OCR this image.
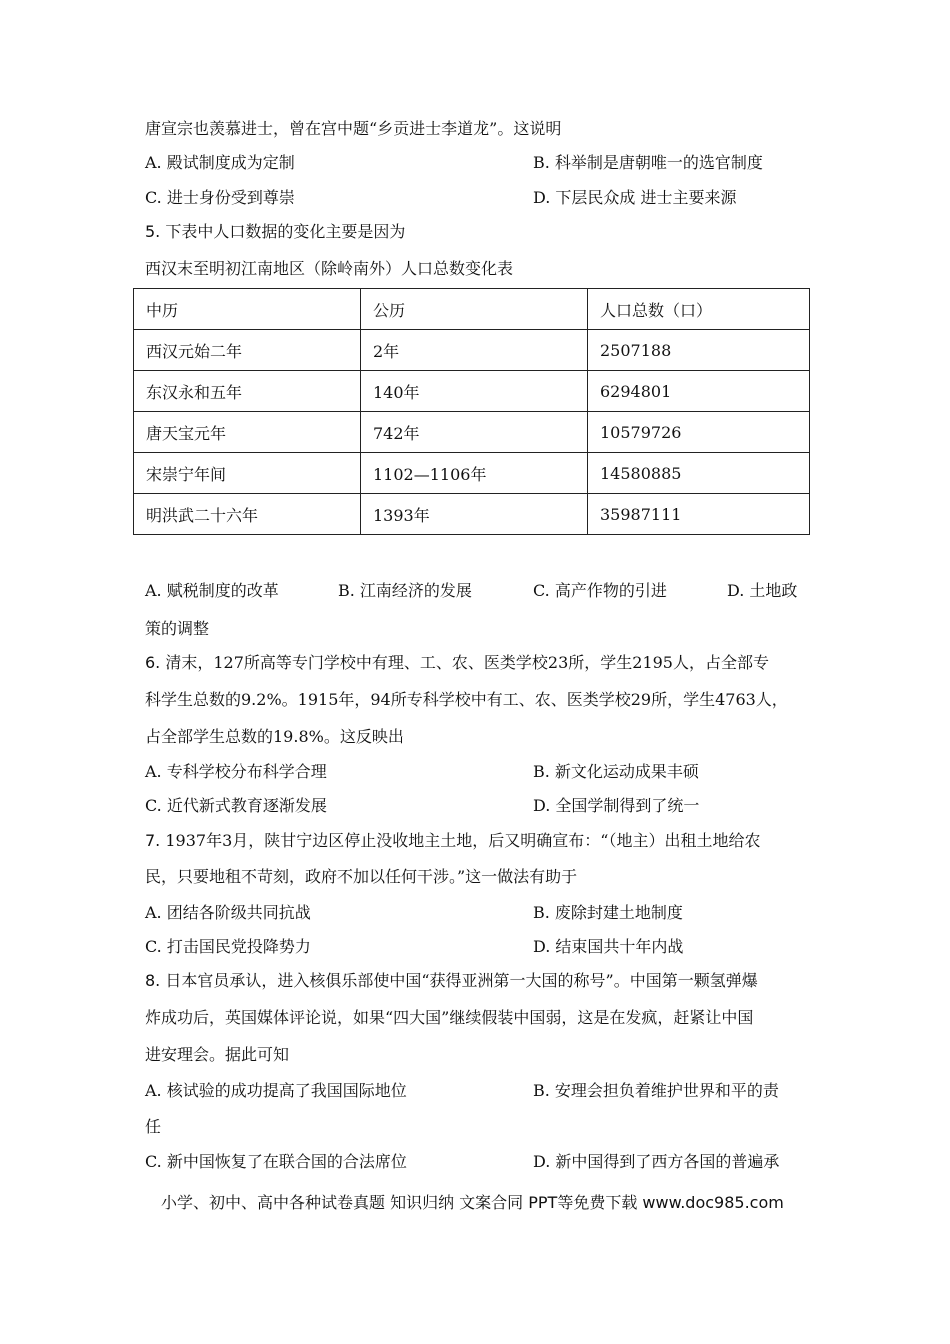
唐宣宗也羡慕进士，曾在宫中题“乡贡进士李道龙”。这说明
A. 殿试制度成为定制	B. 科举制是唐朝唯一的选官制度
C. 进士身份受到尊崇	D. 下层民众成 进士主要来源
5. 下表中人口数据的变化主要是因为
西汉末至明初江南地区（除岭南外）人口总数变化表
中历	公历	人口总数（口）
西汉元始二年	2年	2507188
东汉永和五年	140年	6294801
唐天宝元年	742年	10579726
宋崇宁年间	1102—1106年	14580885
明洪武二十六年	1393年	35987111
A. 赋税制度的改革	B. 江南经济的发展	C. 高产作物的引进	D. 土地政
策的调整
6. 清末，127所高等专门学校中有理、工、农、医类学校23所，学生2195人，占全部专
科学生总数的9.2%。1915年，94所专科学校中有工、农、医类学校29所，学生4763人，
占全部学生总数的19.8%。这反映出
A. 专科学校分布科学合理	B. 新文化运动成果丰硕
C. 近代新式教育逐渐发展	D. 全国学制得到了统一
7. 1937年3月，陕甘宁边区停止没收地主土地，后又明确宣布：“（地主）出租土地给农
民，只要地租不苛刻，政府不加以任何干涉。”这一做法有助于
A. 团结各阶级共同抗战	B. 废除封建土地制度
C. 打击国民党投降势力	D. 结束国共十年内战
8. 日本官员承认，进入核俱乐部使中国“获得亚洲第一大国的称号”。中国第一颗氢弹爆
炸成功后，英国媒体评论说，如果“四大国”继续假装中国弱，这是在发疯，赶紧让中国
进安理会。据此可知
A. 核试验的成功提高了我国国际地位	B. 安理会担负着维护世界和平的责
任
C. 新中国恢复了在联合国的合法席位	D. 新中国得到了西方各国的普遍承
小学、初中、高中各种试卷真题 知识归纳 文案合同 PPT等免费下载 www.doc985.com
